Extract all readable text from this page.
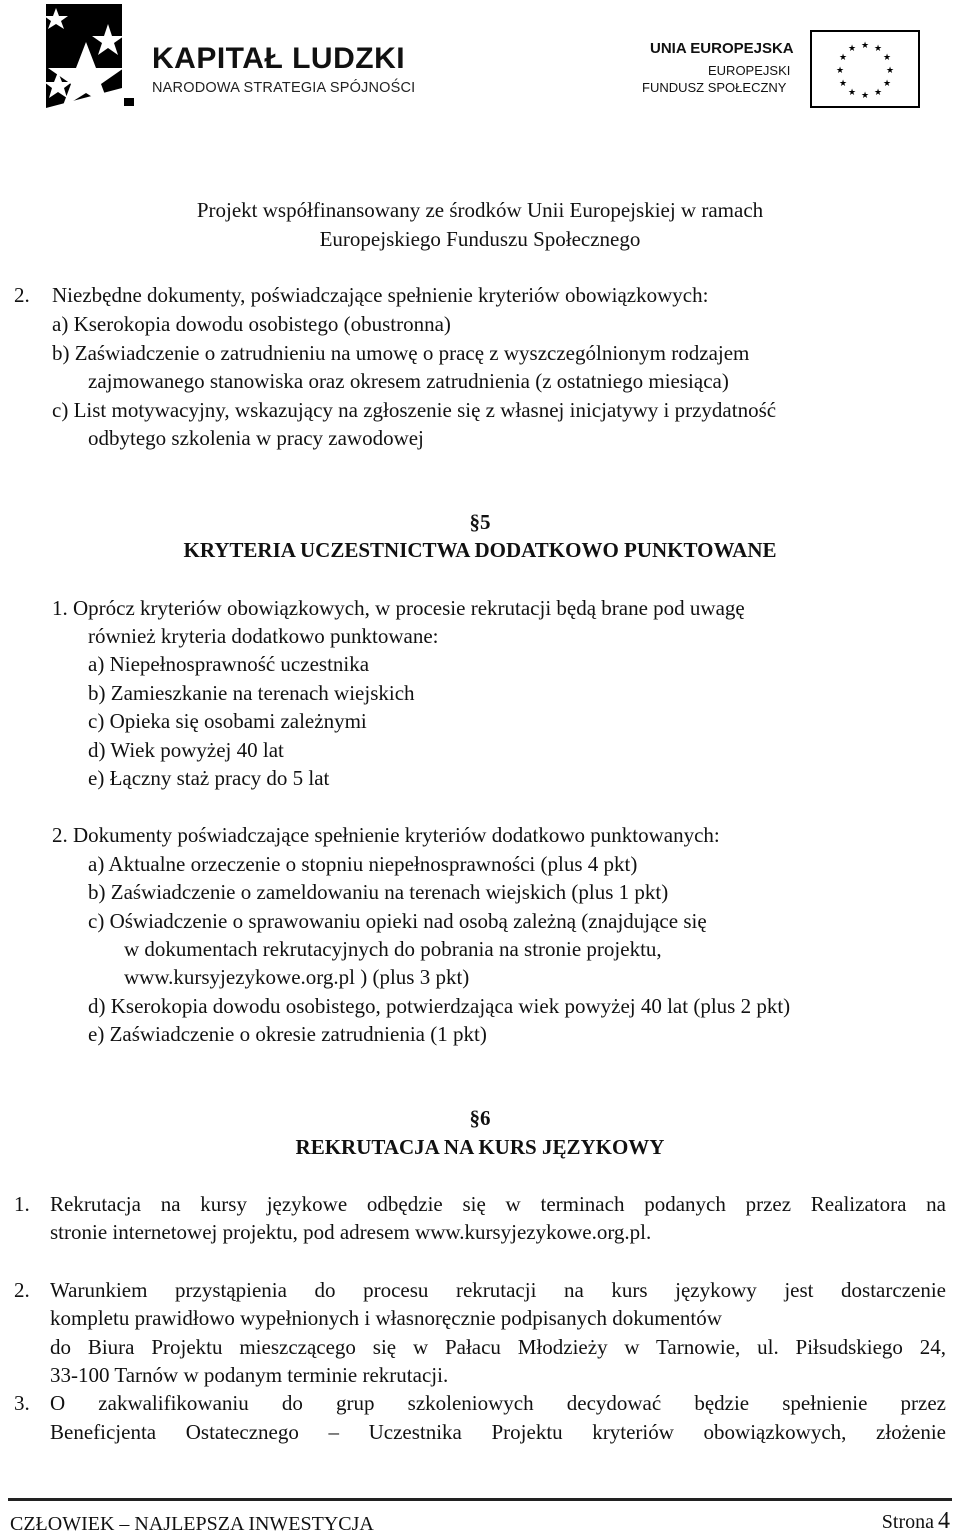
KAPITAŁ LUDZKI
NARODOWA STRATEGIA SPÓJNOŚCI
UNIA EUROPEJSKA
EUROPEJSKI
FUNDUSZ SPOŁECZNY
★ ★
★
★
★
★
★
★
★
★
★
★
Projekt współfinansowany ze środków Unii Europejskiej w ramach
Europejskiego Funduszu Społecznego
2. Niezbędne dokumenty, poświadczające spełnienie kryteriów obowiązkowych:
a) Kserokopia dowodu osobistego (obustronna)
b) Zaświadczenie o zatrudnieniu na umowę o pracę z wyszczególnionym rodzajem
zajmowanego stanowiska oraz okresem zatrudnienia (z ostatniego miesiąca)
c) List motywacyjny, wskazujący na zgłoszenie się z własnej inicjatywy i przydatność
odbytego szkolenia w pracy zawodowej
§5
KRYTERIA UCZESTNICTWA DODATKOWO PUNKTOWANE
1. Oprócz kryteriów obowiązkowych, w procesie rekrutacji będą brane pod uwagę
również kryteria dodatkowo punktowane:
a) Niepełnosprawność uczestnika
b) Zamieszkanie na terenach wiejskich
c) Opieka się osobami zależnymi
d) Wiek powyżej 40 lat
e) Łączny staż pracy do 5 lat
2. Dokumenty poświadczające spełnienie kryteriów dodatkowo punktowanych:
a) Aktualne orzeczenie o stopniu niepełnosprawności (plus 4 pkt)
b) Zaświadczenie o zameldowaniu na terenach wiejskich (plus 1 pkt)
c) Oświadczenie o sprawowaniu opieki nad osobą zależną (znajdujące się
w dokumentach rekrutacyjnych do pobrania na stronie projektu,
www.kursyjezykowe.org.pl ) (plus 3 pkt)
d) Kserokopia dowodu osobistego, potwierdzająca wiek powyżej 40 lat (plus 2 pkt)
e) Zaświadczenie o okresie zatrudnienia (1 pkt)
§6
REKRUTACJA NA KURS JĘZYKOWY
1. Rekrutacja na kursy językowe odbędzie się w terminach podanych przez Realizatora na
stronie internetowej projektu, pod adresem www.kursyjezykowe.org.pl.
2. Warunkiem przystąpienia do procesu rekrutacji na kurs językowy jest dostarczenie
kompletu prawidłowo wypełnionych i własnoręcznie podpisanych dokumentów
do Biura Projektu mieszczącego się w Pałacu Młodzieży w Tarnowie, ul. Piłsudskiego 24,
33-100 Tarnów w podanym terminie rekrutacji.
3. O zakwalifikowaniu do grup szkoleniowych decydować będzie spełnienie przez
Beneficjenta Ostatecznego – Uczestnika Projektu kryteriów obowiązkowych, złożenie
CZŁOWIEK – NAJLEPSZA INWESTYCJA	Strona 4
